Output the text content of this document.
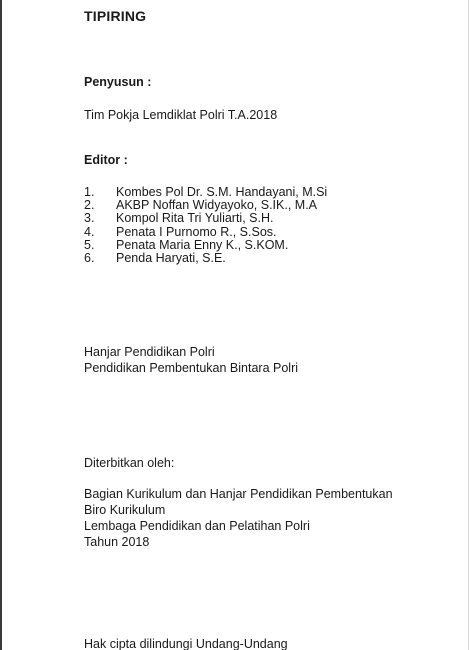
TIPIRING

Penyusun :

Tim Pokja Lemdiklat Polri T.A.2018

Editor :

1. Kombes Pol Dr. S.M. Handayani, M.Si
2. AKBP Noffan Widyayoko, S.IK., M.A
3. Kompol Rita Tri Yuliarti, S.H.
4. Penata I Purnomo R., S.Sos.
5. Penata Maria Enny K., S.KOM.
6. Penda Haryati, S.E.
Hanjar Pendidikan Polri
Pendidikan Pembentukan Bintara Polri

Diterbitkan oleh:

Bagian Kurikulum dan Hanjar Pendidikan Pembentukan
Biro Kurikulum
Lembaga Pendidikan dan Pelatihan Polri
Tahun 2018

Hak cipta dilindungi Undang-Undang
